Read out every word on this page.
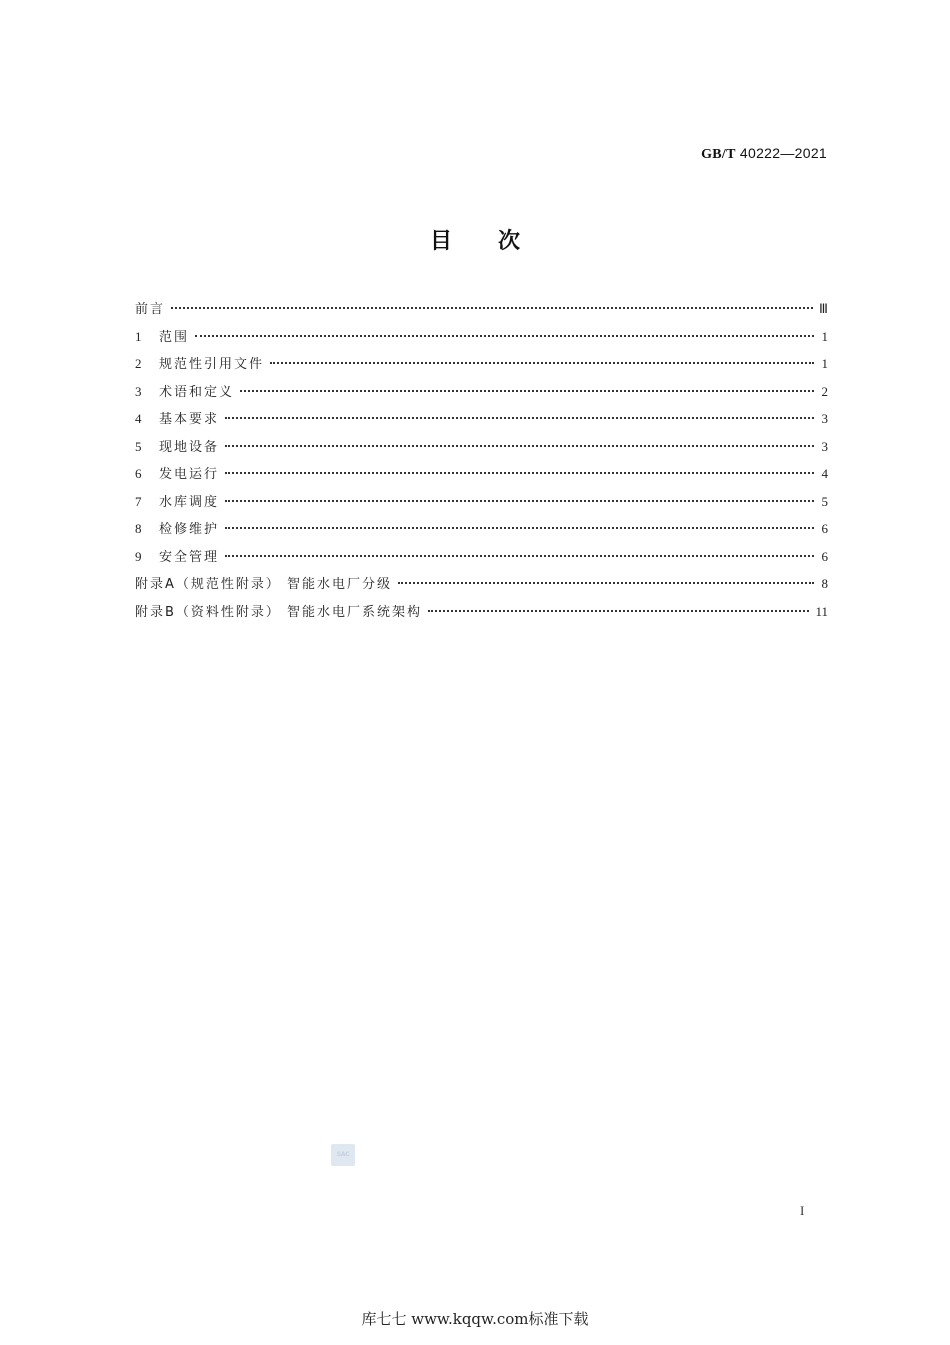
GB/T 40222—2021
目 次
前言	Ⅲ
1	范围	1
2	规范性引用文件	1
3	术语和定义	2
4	基本要求	3
5	现地设备	3
6	发电运行	4
7	水库调度	5
8	检修维护	6
9	安全管理	6
附录A（规范性附录） 智能水电厂分级	8
附录B（资料性附录） 智能水电厂系统架构	11
SAC
I
库七七 www.kqqw.com标准下载
